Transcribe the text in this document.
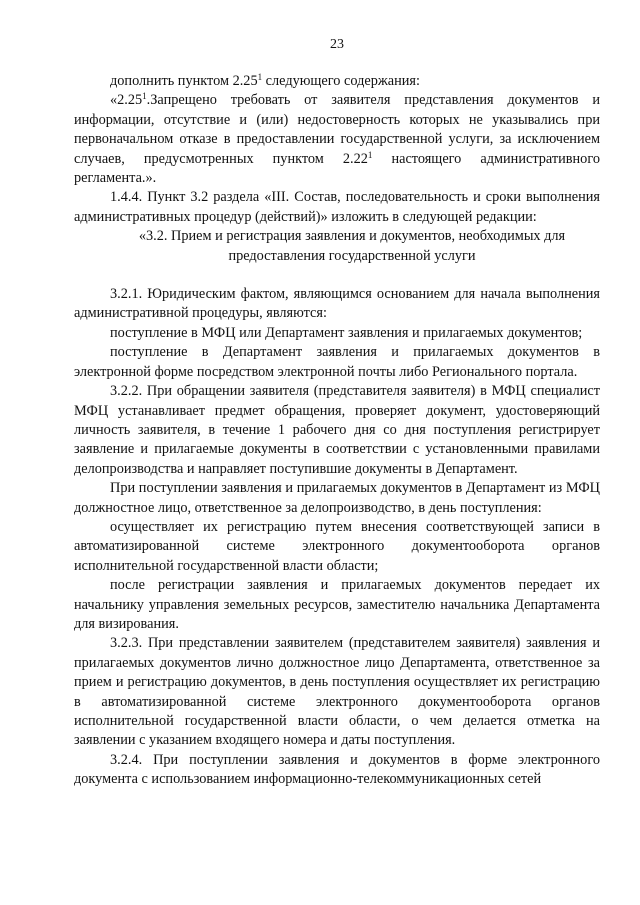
23

дополнить пунктом 2.25$^1$ следующего содержания:

«2.25$^1$.Запрещено требовать от заявителя представления документов и информации, отсутствие и (или) недостоверность которых не указывались при первоначальном отказе в предоставлении государственной услуги, за исключением случаев, предусмотренных пунктом 2.22$^1$ настоящего административного регламента.».

1.4.4. Пункт 3.2 раздела «III. Состав, последовательность и сроки выполнения административных процедур (действий)» изложить в следующей редакции:

«3.2. Прием и регистрация заявления и документов, необходимых для предоставления государственной услуги

3.2.1. Юридическим фактом, являющимся основанием для начала выполнения административной процедуры, являются:

поступление в МФЦ или Департамент заявления и прилагаемых документов;

поступление в Департамент заявления и прилагаемых документов в электронной форме посредством электронной почты либо Регионального портала.

3.2.2. При обращении заявителя (представителя заявителя) в МФЦ специалист МФЦ устанавливает предмет обращения, проверяет документ, удостоверяющий личность заявителя, в течение 1 рабочего дня со дня поступления регистрирует заявление и прилагаемые документы в соответствии с установленными правилами делопроизводства и направляет поступившие документы в Департамент.

При поступлении заявления и прилагаемых документов в Департамент из МФЦ должностное лицо, ответственное за делопроизводство, в день поступления:

осуществляет их регистрацию путем внесения соответствующей записи в автоматизированной системе электронного документооборота органов исполнительной государственной власти области;

после регистрации заявления и прилагаемых документов передает их начальнику управления земельных ресурсов, заместителю начальника Департамента для визирования.

3.2.3. При представлении заявителем (представителем заявителя) заявления и прилагаемых документов лично должностное лицо Департамента, ответственное за прием и регистрацию документов, в день поступления осуществляет их регистрацию в автоматизированной системе электронного документооборота органов исполнительной государственной власти области, о чем делается отметка на заявлении с указанием входящего номера и даты поступления.

3.2.4. При поступлении заявления и документов в форме электронного документа с использованием информационно-телекоммуникационных сетей
